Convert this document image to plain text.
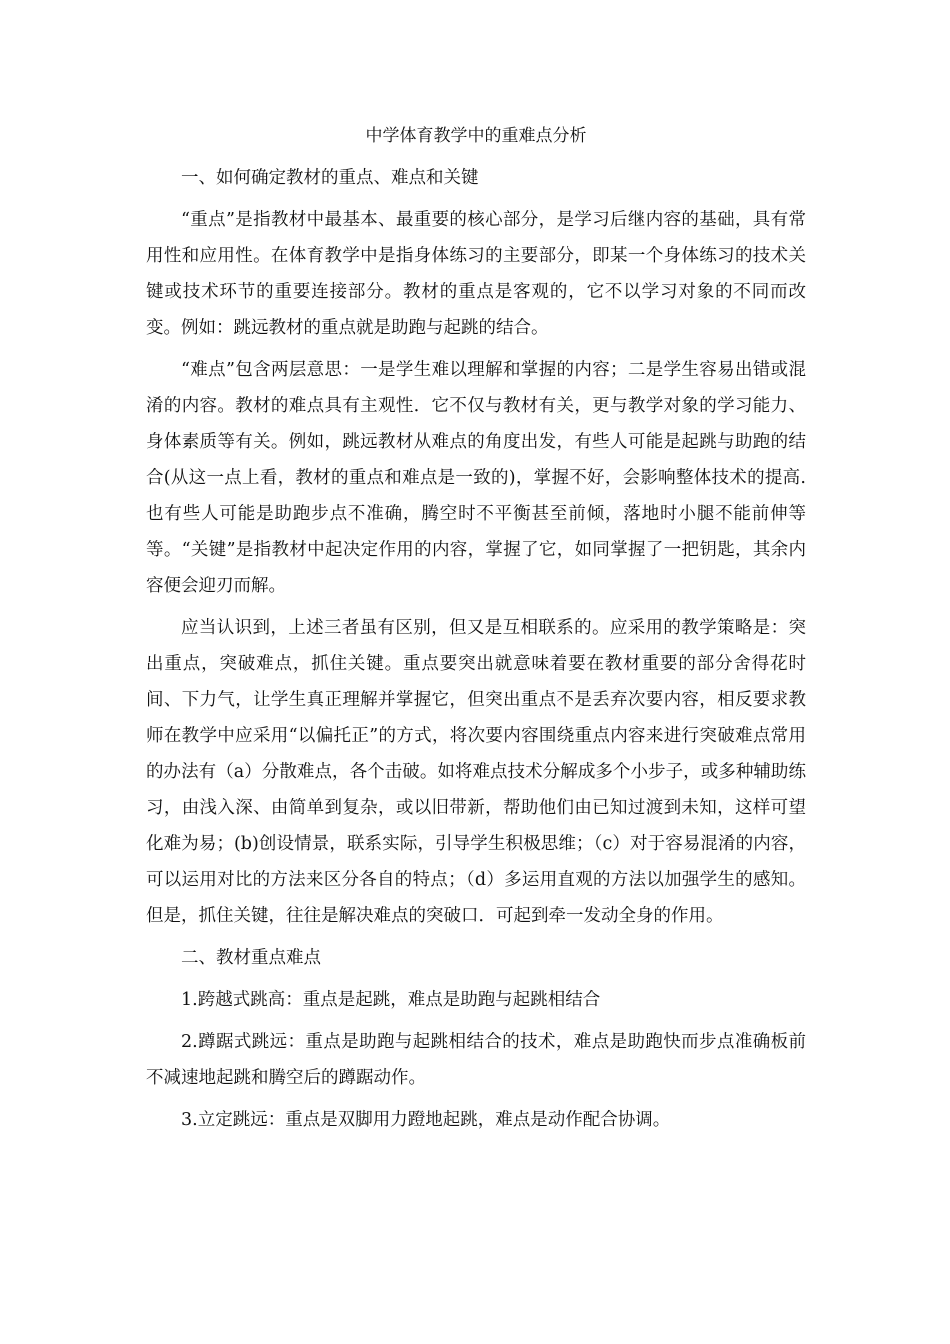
中学体育教学中的重难点分析

一、如何确定教材的重点、难点和关键

“重点”是指教材中最基本、最重要的核心部分，是学习后继内容的基础，具有常用性和应用性。在体育教学中是指身体练习的主要部分，即某一个身体练习的技术关键或技术环节的重要连接部分。教材的重点是客观的，它不以学习对象的不同而改变。例如：跳远教材的重点就是助跑与起跳的结合。

“难点”包含两层意思：一是学生难以理解和掌握的内容；二是学生容易出错或混淆的内容。教材的难点具有主观性．它不仅与教材有关，更与教学对象的学习能力、身体素质等有关。例如，跳远教材从难点的角度出发，有些人可能是起跳与助跑的结合(从这一点上看，教材的重点和难点是一致的)，掌握不好，会影响整体技术的提高.也有些人可能是助跑步点不准确，腾空时不平衡甚至前倾，落地时小腿不能前伸等等。“关键”是指教材中起决定作用的内容，掌握了它，如同掌握了一把钥匙，其余内容便会迎刃而解。

应当认识到，上述三者虽有区别，但又是互相联系的。应采用的教学策略是：突出重点，突破难点，抓住关键。重点要突出就意味着要在教材重要的部分舍得花时间、下力气，让学生真正理解并掌握它，但突出重点不是丢弃次要内容，相反要求教师在教学中应采用“以偏托正”的方式，将次要内容围绕重点内容来进行突破难点常用的办法有（a）分散难点，各个击破。如将难点技术分解成多个小步子，或多种辅助练习，由浅入深、由简单到复杂，或以旧带新，帮助他们由已知过渡到未知，这样可望化难为易；(b)创设情景，联系实际，引导学生积极思维；（c）对于容易混淆的内容，可以运用对比的方法来区分各自的特点；（d）多运用直观的方法以加强学生的感知。但是，抓住关键，往往是解决难点的突破口．可起到牵一发动全身的作用。

二、教材重点难点

1.跨越式跳高：重点是起跳，难点是助跑与起跳相结合

2.蹲踞式跳远：重点是助跑与起跳相结合的技术，难点是助跑快而步点准确板前不减速地起跳和腾空后的蹲踞动作。

3.立定跳远：重点是双脚用力蹬地起跳，难点是动作配合协调。
